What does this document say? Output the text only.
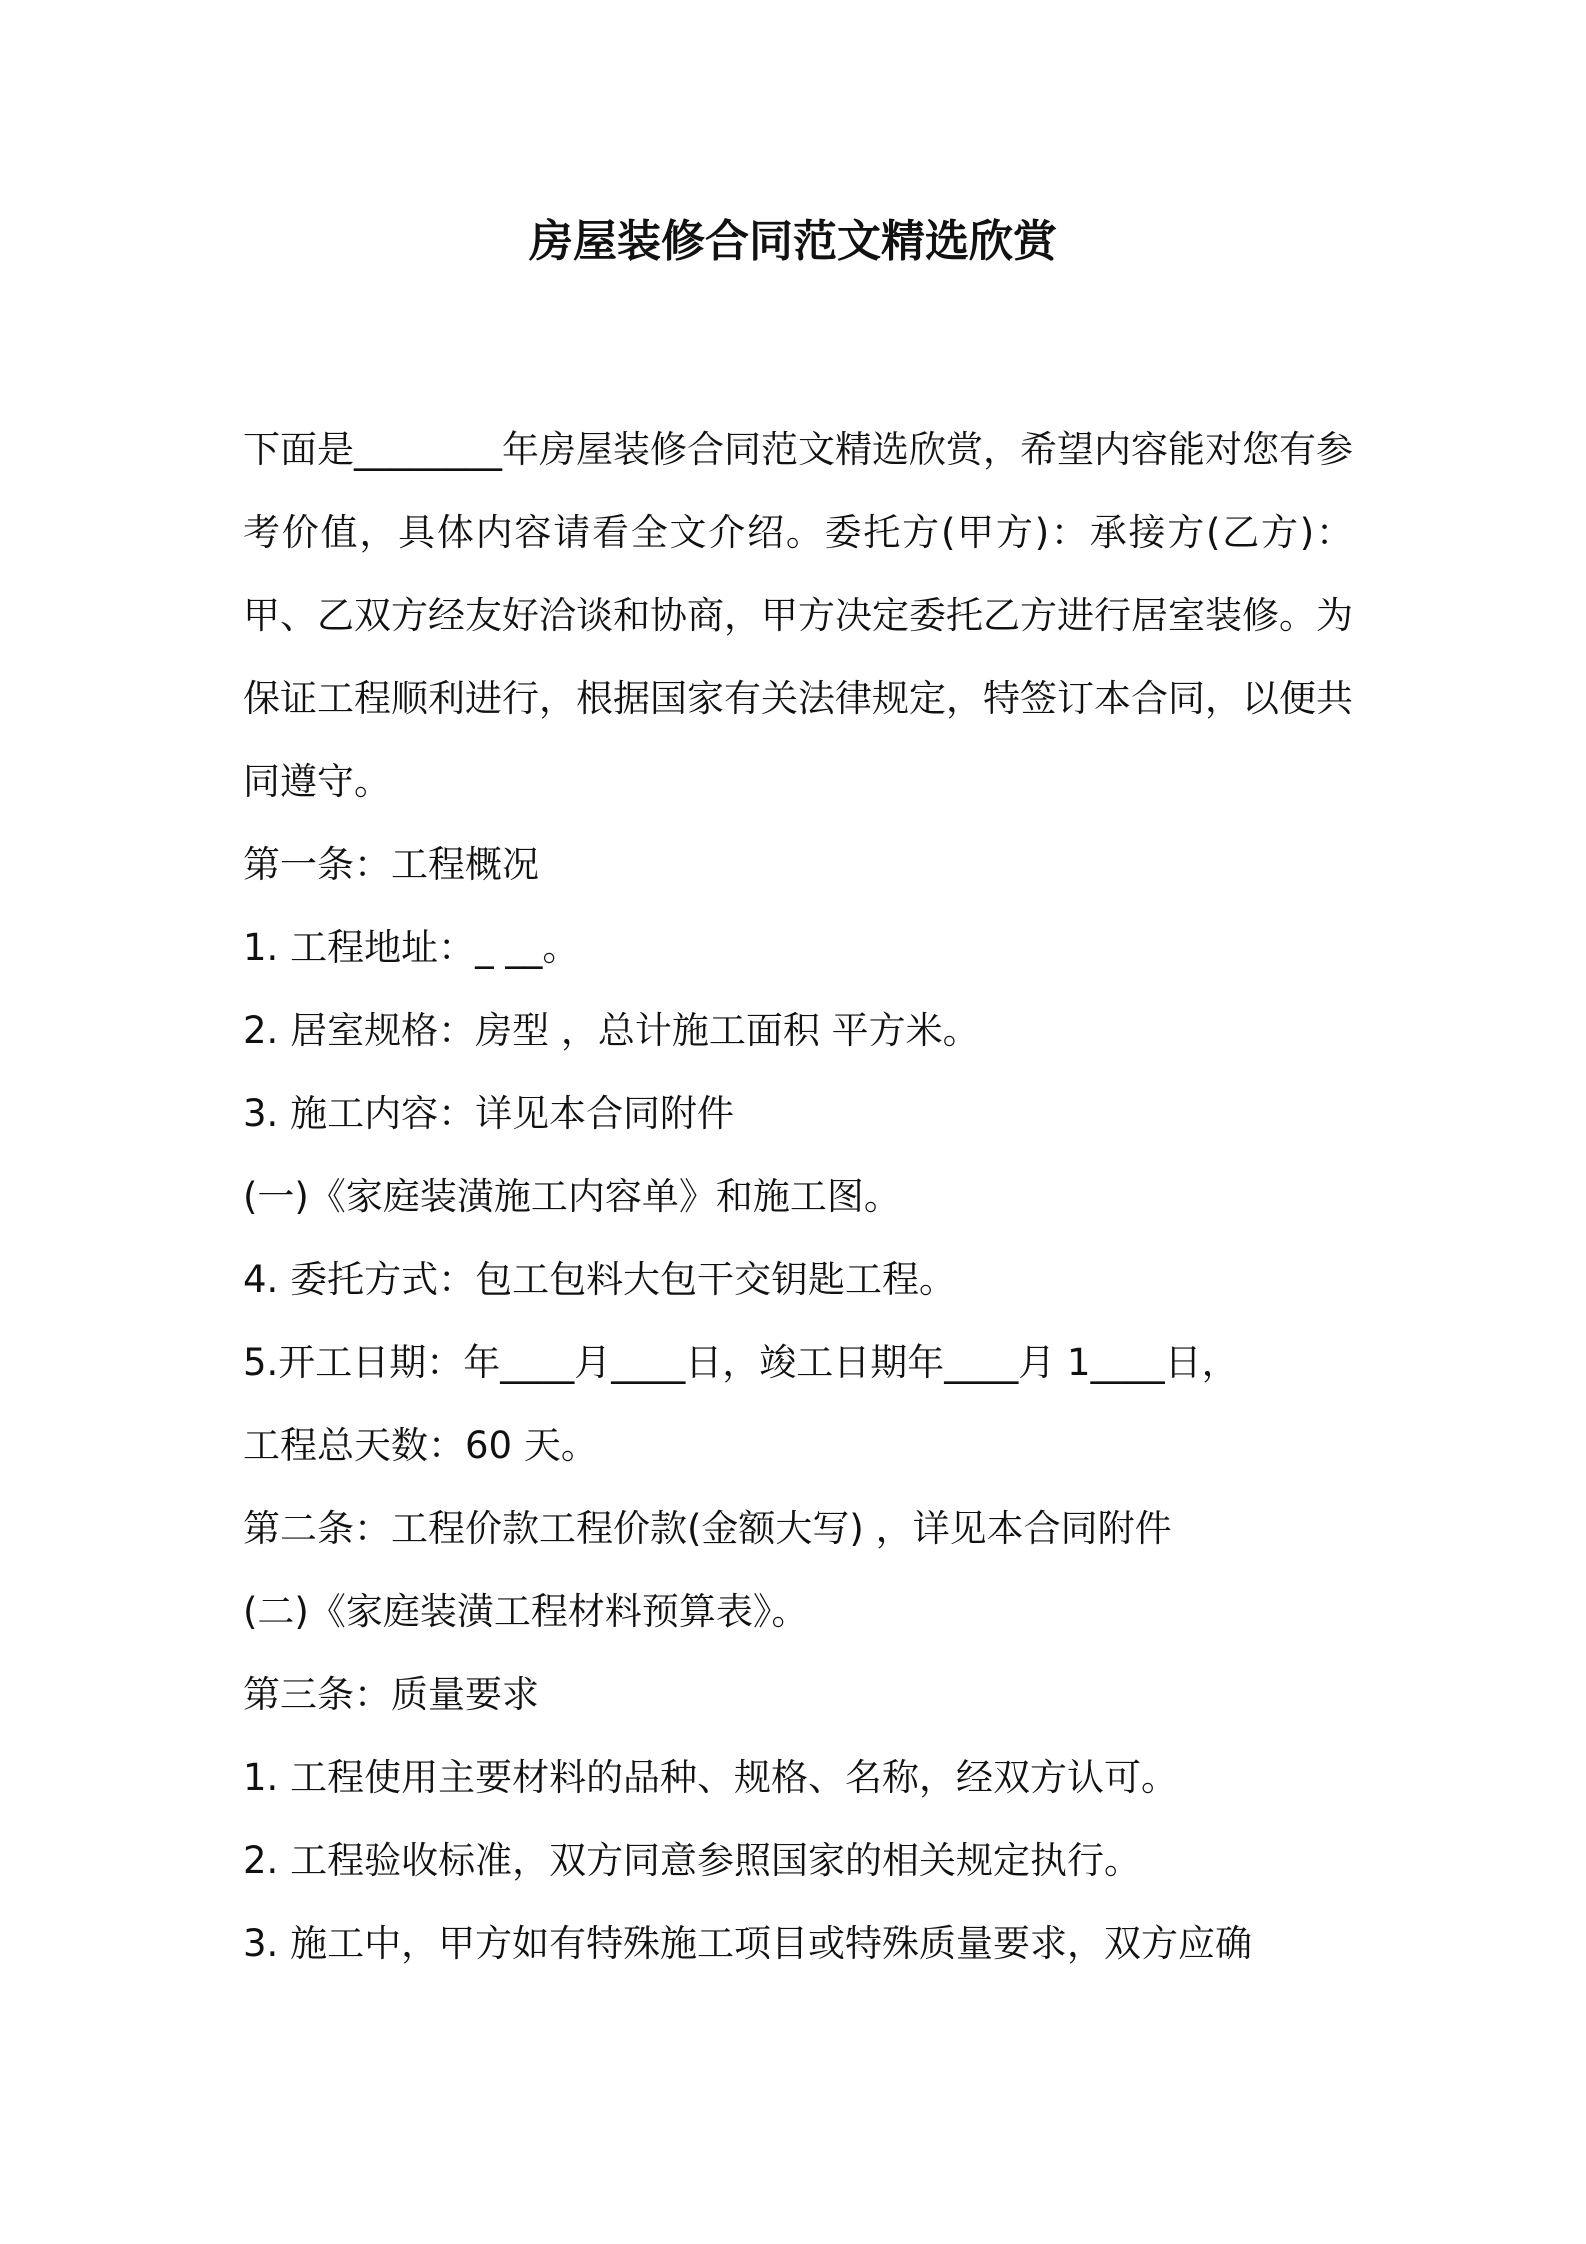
房屋装修合同范文精选欣赏

下面是________年房屋装修合同范文精选欣赏，希望内容能对您有参考价值，具体内容请看全文介绍。委托方(甲方)：承接方(乙方)：甲、乙双方经友好洽谈和协商，甲方决定委托乙方进行居室装修。为保证工程顺利进行，根据国家有关法律规定，特签订本合同，以便共同遵守。

第一条：工程概况

1. 工程地址：_ __。

2. 居室规格：房型 ，总计施工面积 平方米。

3. 施工内容：详见本合同附件

(一)《家庭装潢施工内容单》和施工图。

4. 委托方式：包工包料大包干交钥匙工程。

5.开工日期：年____月____日，竣工日期年____月 1____日，

工程总天数：60 天。

第二条：工程价款工程价款(金额大写) ，详见本合同附件

(二)《家庭装潢工程材料预算表》。

第三条：质量要求

1. 工程使用主要材料的品种、规格、名称，经双方认可。

2. 工程验收标准，双方同意参照国家的相关规定执行。

3. 施工中，甲方如有特殊施工项目或特殊质量要求，双方应确
